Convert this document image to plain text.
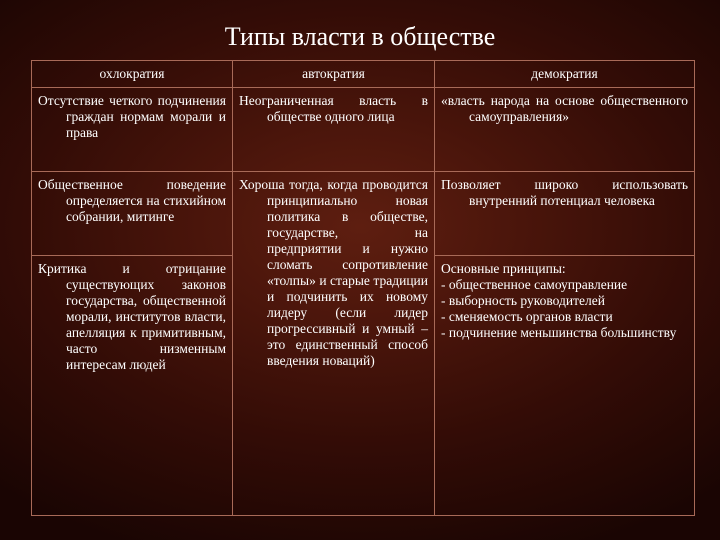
Типы власти в обществе
охлократия	автократия	демократия

Отсутствие четкого подчинения граждан нормам морали и права	Неограниченная власть в обществе одного лица	«власть народа на основе общественного самоуправления»

Общественное поведение определяется на стихийном собрании, митинге	Хороша тогда, когда проводится принципиально новая политика в обществе, государстве, на предприятии и нужно сломать сопротивление «толпы» и старые традиции и подчинить их новому лидеру (если лидер прогрессивный и умный – это единственный способ введения новаций)	Позволяет широко использовать внутренний потенциал человека

Критика и отрицание существующих законов государства, общественной морали, институтов власти, апелляция к примитивным, часто низменным интересам людей		Основные принципы:

- общественное самоуправление

- выборность руководителей

- сменяемость органов власти

- подчинение меньшинства большинству
